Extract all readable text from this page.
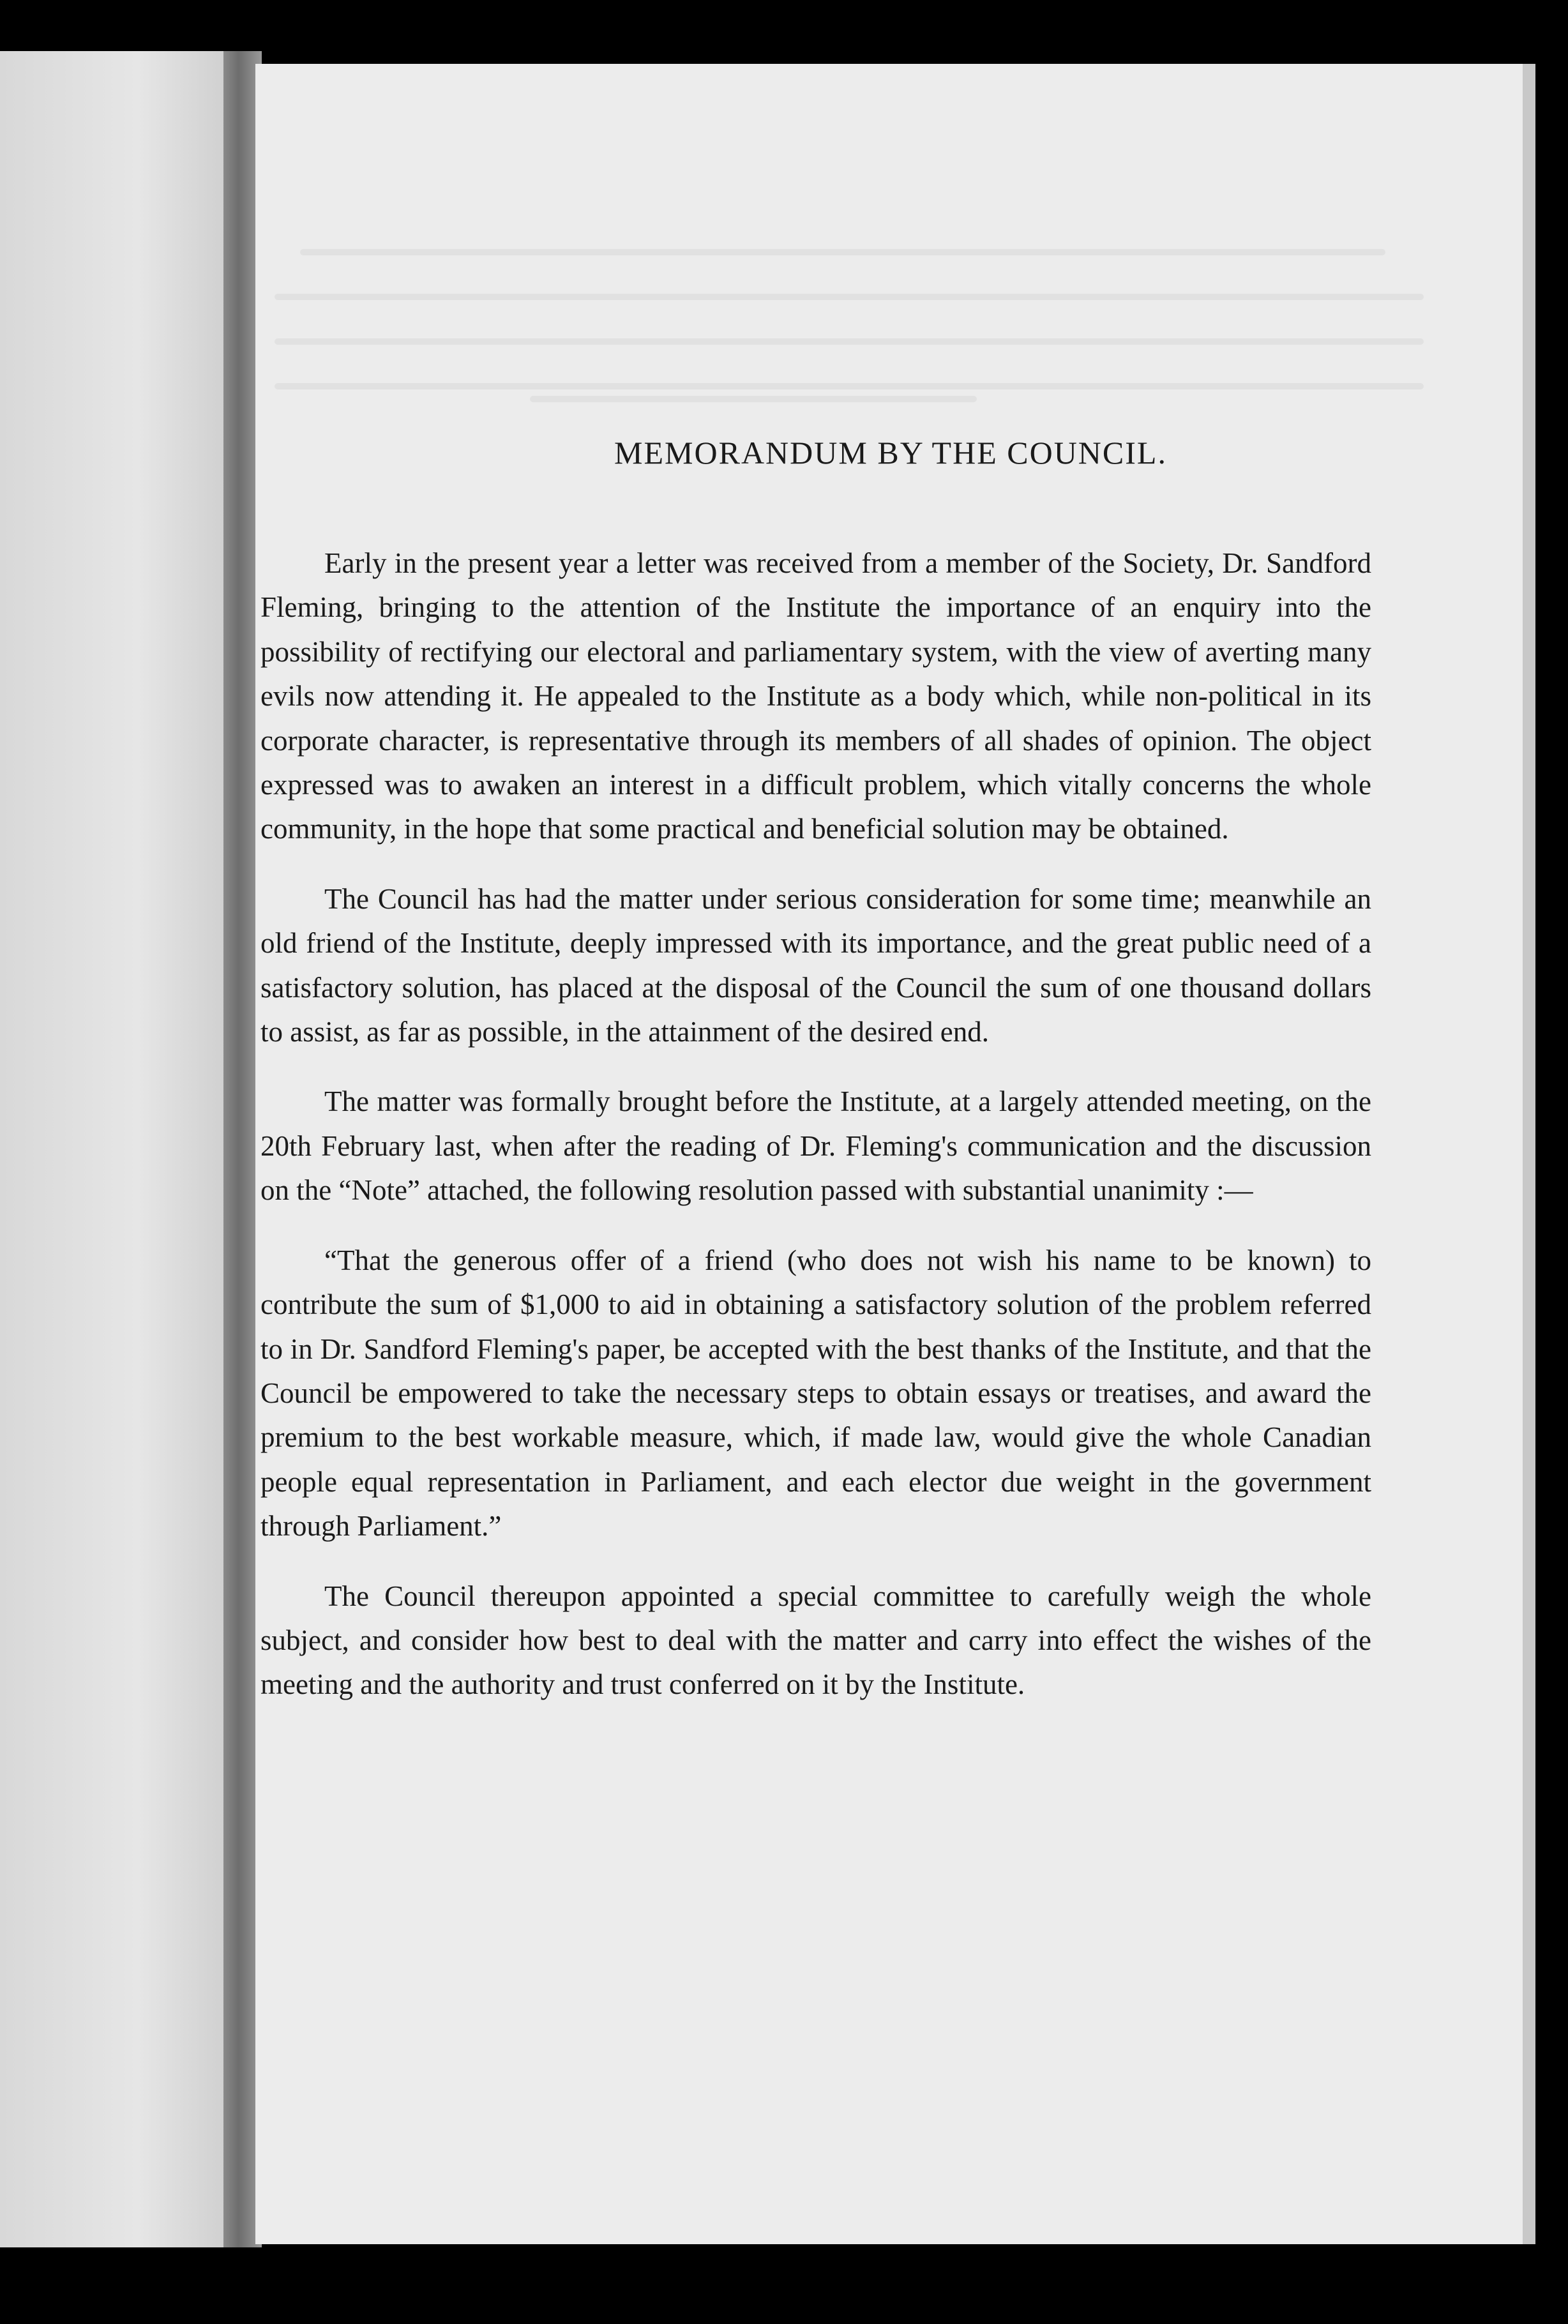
MEMORANDUM BY THE COUNCIL.

Early in the present year a letter was received from a member of the Society, Dr. Sandford Fleming, bringing to the attention of the Institute the importance of an enquiry into the possibility of rectifying our electoral and parliamentary system, with the view of averting many evils now attending it. He appealed to the Institute as a body which, while non-political in its corporate character, is representative through its members of all shades of opinion. The object expressed was to awaken an interest in a difficult problem, which vitally concerns the whole community, in the hope that some practical and beneficial solution may be obtained.

The Council has had the matter under serious consideration for some time; meanwhile an old friend of the Institute, deeply impressed with its importance, and the great public need of a satisfactory solution, has placed at the disposal of the Council the sum of one thousand dollars to assist, as far as possible, in the attainment of the desired end.

The matter was formally brought before the Institute, at a largely attended meeting, on the 20th February last, when after the reading of Dr. Fleming's communication and the discussion on the “Note” attached, the following resolution passed with substantial unanimity :—

“That the generous offer of a friend (who does not wish his name to be known) to contribute the sum of $1,000 to aid in obtaining a satisfactory solution of the problem referred to in Dr. Sandford Fleming's paper, be accepted with the best thanks of the Institute, and that the Council be empowered to take the necessary steps to obtain essays or treatises, and award the premium to the best workable measure, which, if made law, would give the whole Canadian people equal representation in Parliament, and each elector due weight in the government through Parliament.”

The Council thereupon appointed a special committee to carefully weigh the whole subject, and consider how best to deal with the matter and carry into effect the wishes of the meeting and the authority and trust conferred on it by the Institute.
